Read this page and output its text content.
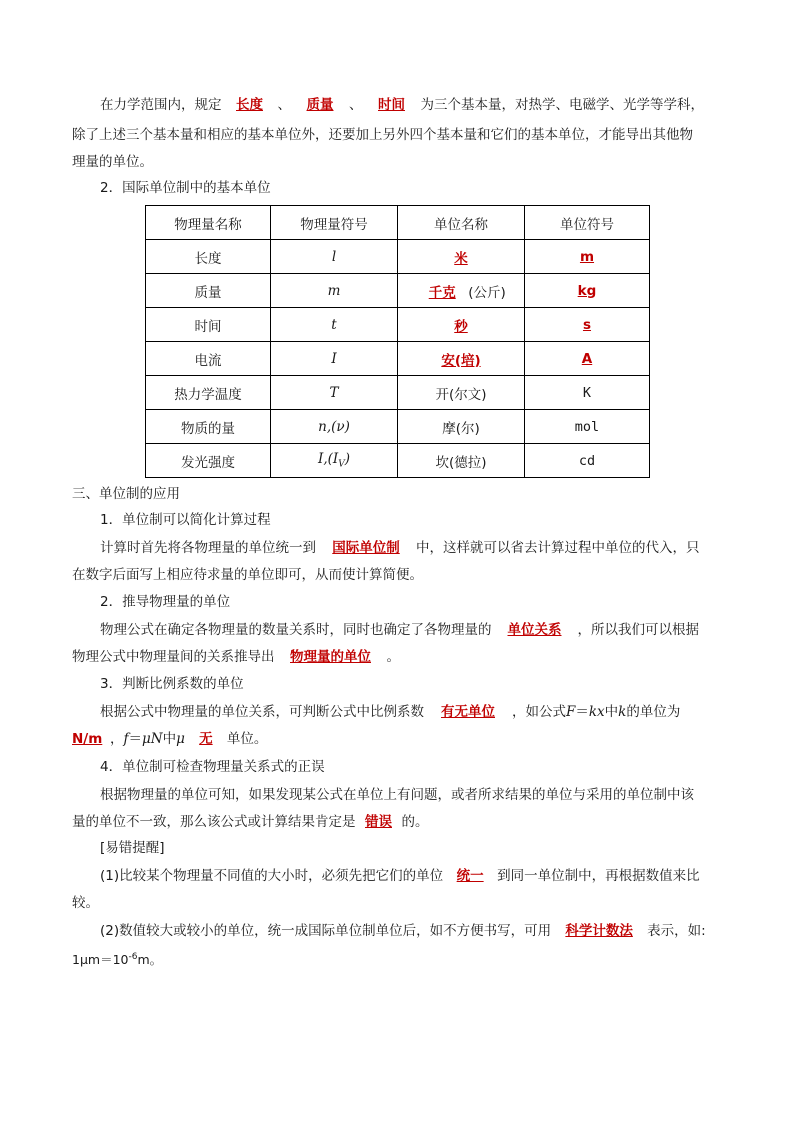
在力学范围内，规定 长度 、 质量 、 时间 为三个基本量，对热学、电磁学、光学等学科，
除了上述三个基本量和相应的基本单位外，还要加上另外四个基本量和它们的基本单位，才能导出其他物
理量的单位。
2．国际单位制中的基本单位
物理量名称	物理量符号	单位名称	单位符号
长度	l	米	m
质量	m	千克 (公斤)	kg
时间	t	秒	s
电流	I	安(培)	A
热力学温度	T	开(尔文)	K
物质的量	n,(ν)	摩(尔)	mol
发光强度	$I,(I_V)$	坎(德拉)	cd
三、单位制的应用
1．单位制可以简化计算过程
计算时首先将各物理量的单位统一到 国际单位制 中，这样就可以省去计算过程中单位的代入，只
在数字后面写上相应待求量的单位即可，从而使计算简便。
2．推导物理量的单位
物理公式在确定各物理量的数量关系时，同时也确定了各物理量的 单位关系 ，所以我们可以根据
物理公式中物理量间的关系推导出 物理量的单位 。
3．判断比例系数的单位
根据公式中物理量的单位关系，可判断公式中比例系数 有无单位 ，如公式F＝kx中k的单位为
N/m ，f＝μN中μ 无 单位。
4．单位制可检查物理量关系式的正误
根据物理量的单位可知，如果发现某公式在单位上有问题，或者所求结果的单位与采用的单位制中该
量的单位不一致，那么该公式或计算结果肯定是 错误 的。
[易错提醒]
(1)比较某个物理量不同值的大小时，必须先把它们的单位 统一 到同一单位制中，再根据数值来比
较。
(2)数值较大或较小的单位，统一成国际单位制单位后，如不方便书写，可用 科学计数法 表示，如:
$1\mu m=10^{-6}m$。
